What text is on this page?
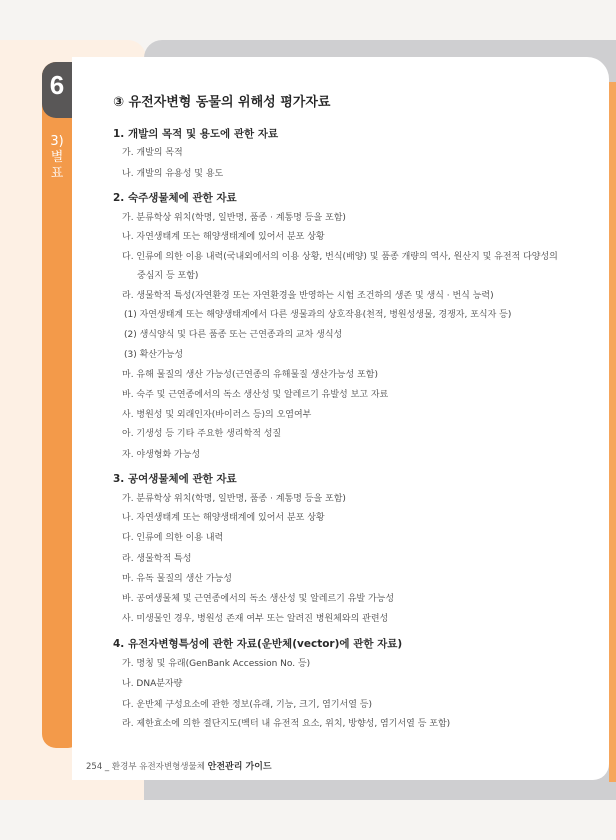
6
3)
별
표
③ 유전자변형 동물의 위해성 평가자료
1. 개발의 목적 및 용도에 관한 자료
가. 개발의 목적
나. 개발의 유용성 및 용도
2. 숙주생물체에 관한 자료
가. 분류학상 위치(학명, 일반명, 품종 · 계통명 등을 포함)
나. 자연생태계 또는 해양생태계에 있어서 분포 상황
다. 인류에 의한 이용 내력(국내외에서의 이용 상황, 번식(배양) 및 품종 개량의 역사, 원산지 및 유전적 다양성의
중심지 등 포함)
라. 생물학적 특성(자연환경 또는 자연환경을 반영하는 시험 조건하의 생존 및 생식 · 번식 능력)
(1) 자연생태계 또는 해양생태계에서 다른 생물과의 상호작용(천적, 병원성생물, 경쟁자, 포식자 등)
(2) 생식양식 및 다른 품종 또는 근연종과의 교차 생식성
(3) 확산가능성
마. 유해 물질의 생산 가능성(근연종의 유해물질 생산가능성 포함)
바. 숙주 및 근연종에서의 독소 생산성 및 알레르기 유발성 보고 자료
사. 병원성 및 외래인자(바이러스 등)의 오염여부
아. 기생성 등 기타 주요한 생리학적 성질
자. 야생형화 가능성
3. 공여생물체에 관한 자료
가. 분류학상 위치(학명, 일반명, 품종 · 계통명 등을 포함)
나. 자연생태계 또는 해양생태계에 있어서 분포 상황
다. 인류에 의한 이용 내력
라. 생물학적 특성
마. 유독 물질의 생산 가능성
바. 공여생물체 및 근연종에서의 독소 생산성 및 알레르기 유발 가능성
사. 미생물인 경우, 병원성 존재 여부 또는 알려진 병원체와의 관련성
4. 유전자변형특성에 관한 자료(운반체(vector)에 관한 자료)
가. 명칭 및 유래(GenBank Accession No. 등)
나. DNA분자량
다. 운반체 구성요소에 관한 정보(유래, 기능, 크기, 염기서열 등)
라. 제한효소에 의한 절단지도(벡터 내 유전적 요소, 위치, 방향성, 염기서열 등 포함)
254 _ 환경부 유전자변형생물체 안전관리 가이드
